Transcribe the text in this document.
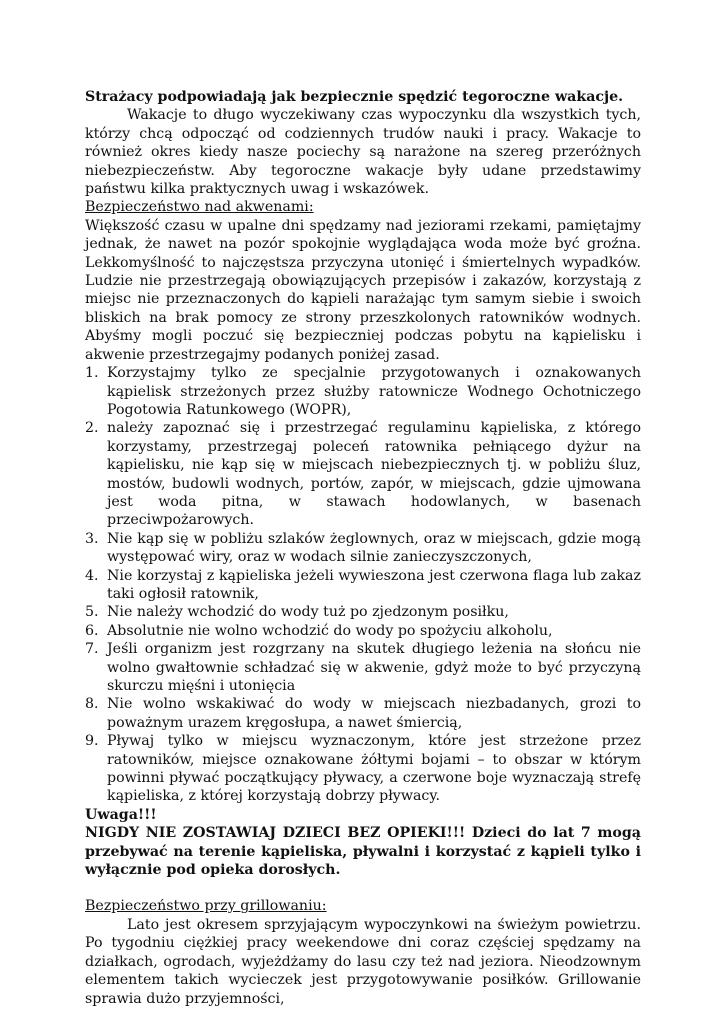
Strażacy podpowiadają jak bezpiecznie spędzić tegoroczne wakacje.

Wakacje to długo wyczekiwany czas wypoczynku dla wszystkich tych, którzy chcą odpocząć od codziennych trudów nauki i pracy. Wakacje to również okres kiedy nasze pociechy są narażone na szereg przeróżnych niebezpieczeństw. Aby tegoroczne wakacje były udane przedstawimy państwu kilka praktycznych uwag i wskazówek.

Bezpieczeństwo nad akwenami:

Większość czasu w upalne dni spędzamy nad jeziorami rzekami, pamiętajmy jednak, że nawet na pozór spokojnie wyglądająca woda może być groźna. Lekkomyślność to najczęstsza przyczyna utonięć i śmiertelnych wypadków. Ludzie nie przestrzegają obowiązujących przepisów i zakazów, korzystają z miejsc nie przeznaczonych do kąpieli narażając tym samym siebie i swoich bliskich na brak pomocy ze strony przeszkolonych ratowników wodnych. Abyśmy mogli poczuć się bezpieczniej podczas pobytu na kąpielisku i akwenie przestrzegajmy podanych poniżej zasad.

1. Korzystajmy tylko ze specjalnie przygotowanych i oznakowanych kąpielisk strzeżonych przez służby ratownicze Wodnego Ochotniczego Pogotowia Ratunkowego (WOPR),
2. należy zapoznać się i przestrzegać regulaminu kąpieliska, z którego korzystamy, przestrzegaj poleceń ratownika pełniącego dyżur na kąpielisku, nie kąp się w miejscach niebezpiecznych tj. w pobliżu śluz, mostów, budowli wodnych, portów, zapór, w miejscach, gdzie ujmowana jest woda pitna, w stawach hodowlanych, w basenach przeciwpożarowych.
3. Nie kąp się w pobliżu szlaków żeglownych, oraz w miejscach, gdzie mogą występować wiry, oraz w wodach silnie zanieczyszczonych,
4. Nie korzystaj z kąpieliska jeżeli wywieszona jest czerwona flaga lub zakaz taki ogłosił ratownik,
5. Nie należy wchodzić do wody tuż po zjedzonym posiłku,
6. Absolutnie nie wolno wchodzić do wody po spożyciu alkoholu,
7. Jeśli organizm jest rozgrzany na skutek długiego leżenia na słońcu nie wolno gwałtownie schładzać się w akwenie, gdyż może to być przyczyną skurczu mięśni i utonięcia
8. Nie wolno wskakiwać do wody w miejscach niezbadanych, grozi to poważnym urazem kręgosłupa, a nawet śmiercią,
9. Pływaj tylko w miejscu wyznaczonym, które jest strzeżone przez ratowników, miejsce oznakowane żółtymi bojami – to obszar w którym powinni pływać początkujący pływacy, a czerwone boje wyznaczają strefę kąpieliska, z której korzystają dobrzy pływacy.

Uwaga!!!

NIGDY NIE ZOSTAWIAJ DZIECI BEZ OPIEKI!!! Dzieci do lat 7 mogą przebywać na terenie kąpieliska, pływalni i korzystać z kąpieli tylko i wyłącznie pod opieka dorosłych.

Bezpieczeństwo przy grillowaniu:

Lato jest okresem sprzyjającym wypoczynkowi na świeżym powietrzu. Po tygodniu ciężkiej pracy weekendowe dni coraz częściej spędzamy na działkach, ogrodach, wyjeżdżamy do lasu czy też nad jeziora. Nieodzownym elementem takich wycieczek jest przygotowywanie posiłków. Grillowanie sprawia dużo przyjemności,
